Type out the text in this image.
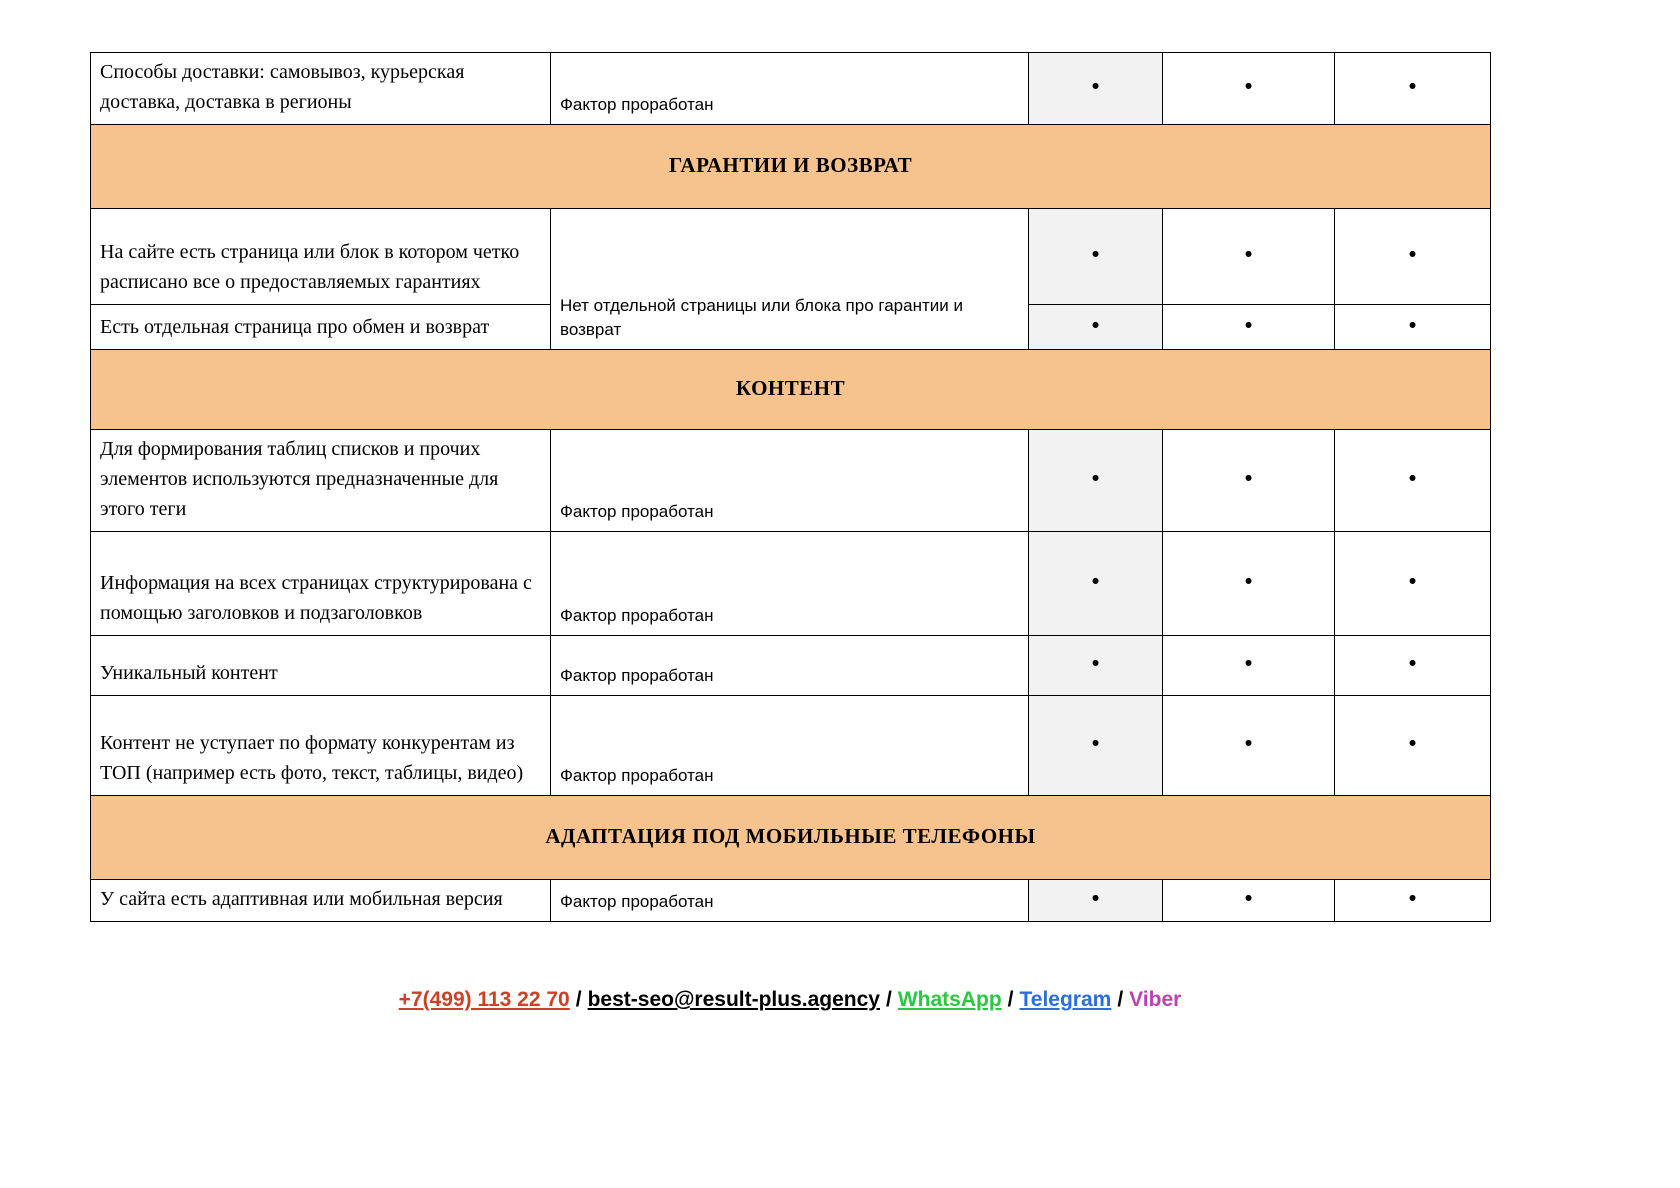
Способы доставки: самовывоз, курьерская доставка, доставка в регионы	Фактор проработан	•	•	•
ГАРАНТИИ И ВОЗВРАТ				
На сайте есть страница или блок в котором четко расписано все о предоставляемых гарантиях	Нет отдельной страницы или блока про гарантии и возврат	•	•	•
Есть отдельная страница про обмен и возврат		•	•	•
КОНТЕНТ				
Для формирования таблиц списков и прочих элементов используются предназначенные для этого теги	Фактор проработан	•	•	•
Информация на всех страницах структурирована с помощью заголовков и подзаголовков	Фактор проработан	•	•	•
Уникальный контент	Фактор проработан	•	•	•
Контент не уступает по формату конкурентам из ТОП (например есть фото, текст, таблицы, видео)	Фактор проработан	•	•	•
АДАПТАЦИЯ ПОД МОБИЛЬНЫЕ ТЕЛЕФОНЫ				
У сайта есть адаптивная или мобильная версия	Фактор проработан	•	•	•
+7(499) 113 22 70 / best-seo@result-plus.agency / WhatsApp / Telegram / Viber
